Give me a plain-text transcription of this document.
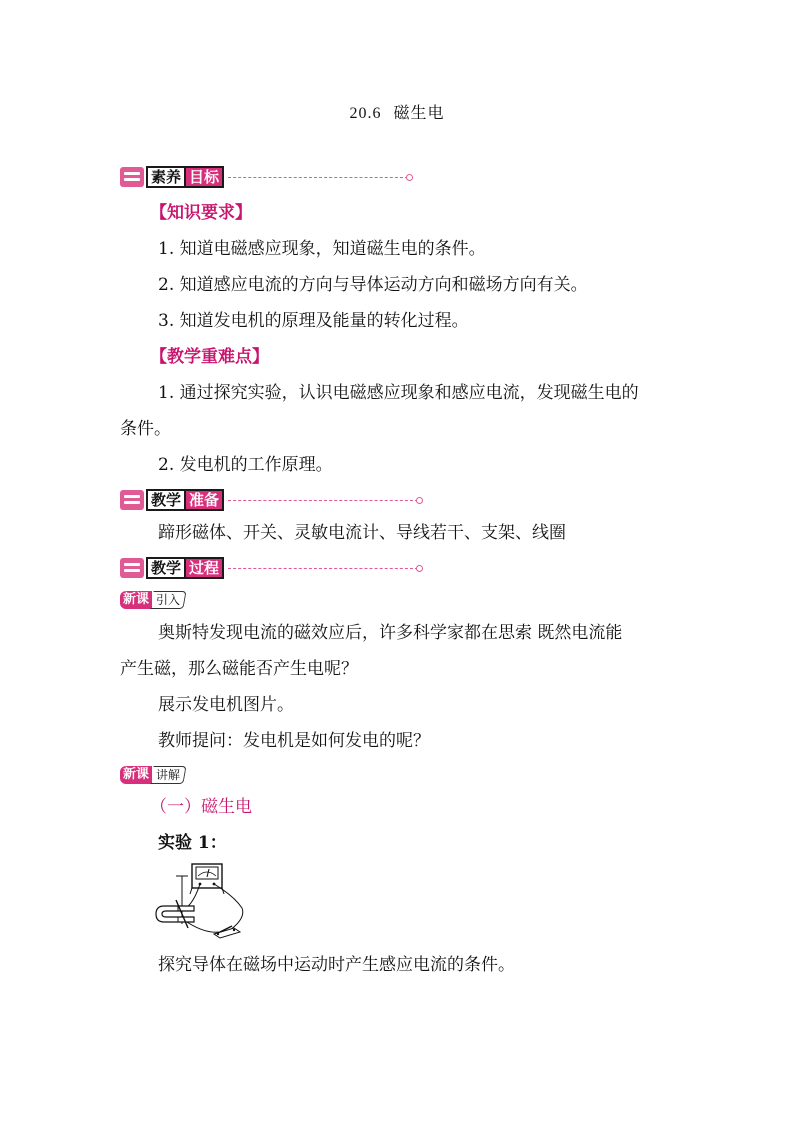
20.6 磁生电
素养 目标
【知识要求】
1. 知道电磁感应现象，知道磁生电的条件。
2. 知道感应电流的方向与导体运动方向和磁场方向有关。
3. 知道发电机的原理及能量的转化过程。
【教学重难点】
1. 通过探究实验，认识电磁感应现象和感应电流，发现磁生电的
条件。
2. 发电机的工作原理。
教学 准备
蹄形磁体、开关、灵敏电流计、导线若干、支架、线圈
教学 过程
新课 引入
奥斯特发现电流的磁效应后，许多科学家都在思索 既然电流能
产生磁，那么磁能否产生电呢？
展示发电机图片。
教师提问：发电机是如何发电的呢？
新课 讲解
（一）磁生电
实验 1：
探究导体在磁场中运动时产生感应电流的条件。
